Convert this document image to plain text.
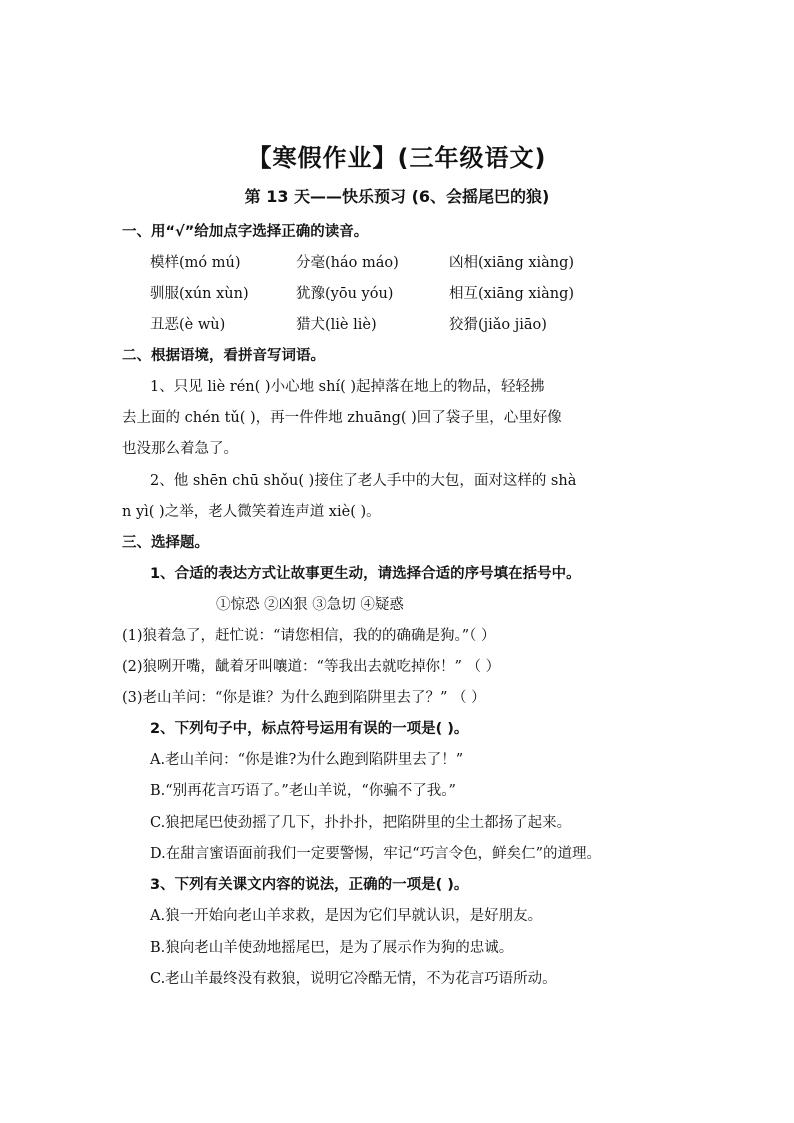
【寒假作业】(三年级语文)
第 13 天——快乐预习 (6、会摇尾巴的狼)
一、用“√”给加点字选择正确的读音。
模样(mó mú)	分毫(háo máo)	凶相(xiāng xiàng)
驯服(xún xùn)	犹豫(yōu yóu)	相互(xiāng xiàng)
丑恶(è wù)	猎犬(liè liè)	狡猾(jiǎo jiāo)
二、根据语境，看拼音写词语。
1、只见 liè rén( )小心地 shí( )起掉落在地上的物品，轻轻拂
去上面的 chén tǔ( )，再一件件地 zhuāng( )回了袋子里，心里好像
也没那么着急了。
2、他 shēn chū shǒu( )接住了老人手中的大包，面对这样的 shà
n yì( )之举，老人微笑着连声道 xiè( )。
三、选择题。
1、合适的表达方式让故事更生动，请选择合适的序号填在括号中。
①惊恐 ②凶狠 ③急切 ④疑惑
(1)狼着急了，赶忙说：“请您相信，我的的确确是狗。”（ ）
(2)狼咧开嘴，龇着牙叫嚷道：“等我出去就吃掉你！” （ ）
(3)老山羊问：“你是谁？为什么跑到陷阱里去了？” （ ）
2、下列句子中，标点符号运用有误的一项是( )。
A.老山羊问：“你是谁?为什么跑到陷阱里去了！”
B.“别再花言巧语了。”老山羊说，“你骗不了我。”
C.狼把尾巴使劲摇了几下，扑扑扑，把陷阱里的尘土都扬了起来。
D.在甜言蜜语面前我们一定要警惕，牢记“巧言令色，鲜矣仁”的道理。
3、下列有关课文内容的说法，正确的一项是( )。
A.狼一开始向老山羊求救，是因为它们早就认识，是好朋友。
B.狼向老山羊使劲地摇尾巴，是为了展示作为狗的忠诚。
C.老山羊最终没有救狼，说明它冷酷无情，不为花言巧语所动。
